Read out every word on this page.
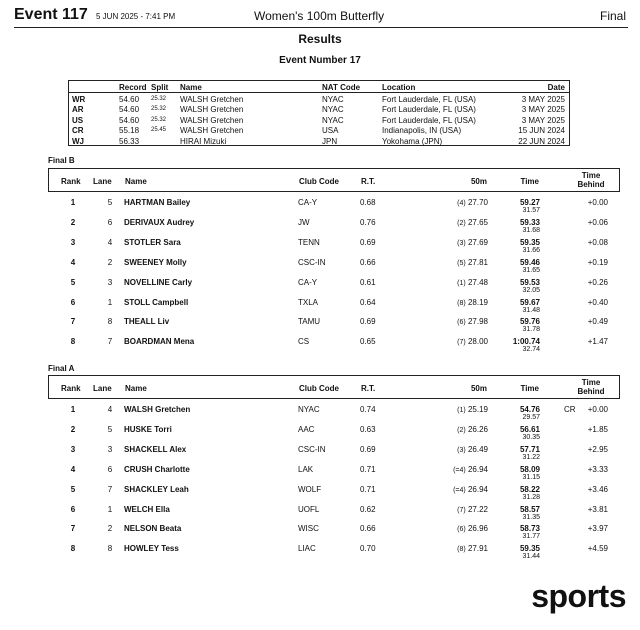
Event 117 5 JUN 2025 - 7:41 PM	Women's 100m Butterfly	Final
Results
Event Number 17
Record Split Name	NAT Code	Location	Date
WR	54.60 25.32 WALSH Gretchen	NYAC	Fort Lauderdale, FL (USA)	3 MAY 2025
AR	54.60 25.32 WALSH Gretchen	NYAC	Fort Lauderdale, FL (USA)	3 MAY 2025
US	54.60 25.32 WALSH Gretchen	NYAC	Fort Lauderdale, FL (USA)	3 MAY 2025
CR	55.18 25.45 WALSH Gretchen	USA	Indianapolis, IN (USA)	15 JUN 2024
WJ	56.33	HIRAI Mizuki	JPN	Yokohama (JPN)	22 JUN 2024
Final B
Rank Lane Name	Club Code	R.T.	50m	Time
Time
Behind
1	5	HARTMAN Bailey	CA-Y	0.68	(4) 27.70	59.27
31.57
+0.00
2	6	DERIVAUX Audrey	JW	0.76	(2) 27.65	59.33
31.68
+0.06
3	4	STOTLER Sara	TENN	0.69	(3) 27.69	59.35
31.66
+0.08
4	2	SWEENEY Molly	CSC-IN	0.66	(5) 27.81	59.46
31.65
+0.19
5	3	NOVELLINE Carly	CA-Y	0.61	(1) 27.48	59.53
32.05
+0.26
6	1	STOLL Campbell	TXLA	0.64	(8) 28.19	59.67
31.48
+0.40
7	8	THEALL Liv	TAMU	0.69	(6) 27.98	59.76
31.78
+0.49
8	7	BOARDMAN Mena	CS	0.65	(7) 28.00	1:00.74
32.74
+1.47
Final A
Rank Lane Name	Club Code	R.T.	50m	Time
Time
Behind
1	4	WALSH Gretchen	NYAC	0.74	(1) 25.19	54.76
29.57
+0.00
CR
2	5	HUSKE Torri	AAC	0.63	(2) 26.26	56.61
30.35
+1.85
3	3	SHACKELL Alex	CSC-IN	0.69	(3) 26.49	57.71
31.22
+2.95
4	6	CRUSH Charlotte	LAK	0.71	(=4) 26.94	58.09
31.15
+3.33
5	7	SHACKLEY Leah	WOLF	0.71	(=4) 26.94	58.22
31.28
+3.46
6	1	WELCH Ella	UOFL	0.62	(7) 27.22	58.57
31.35
+3.81
7	2	NELSON Beata	WISC	0.66	(6) 26.96	58.73
31.77
+3.97
8	8	HOWLEY Tess	LIAC	0.70	(8) 27.91	59.35
31.44
+4.59
sports
